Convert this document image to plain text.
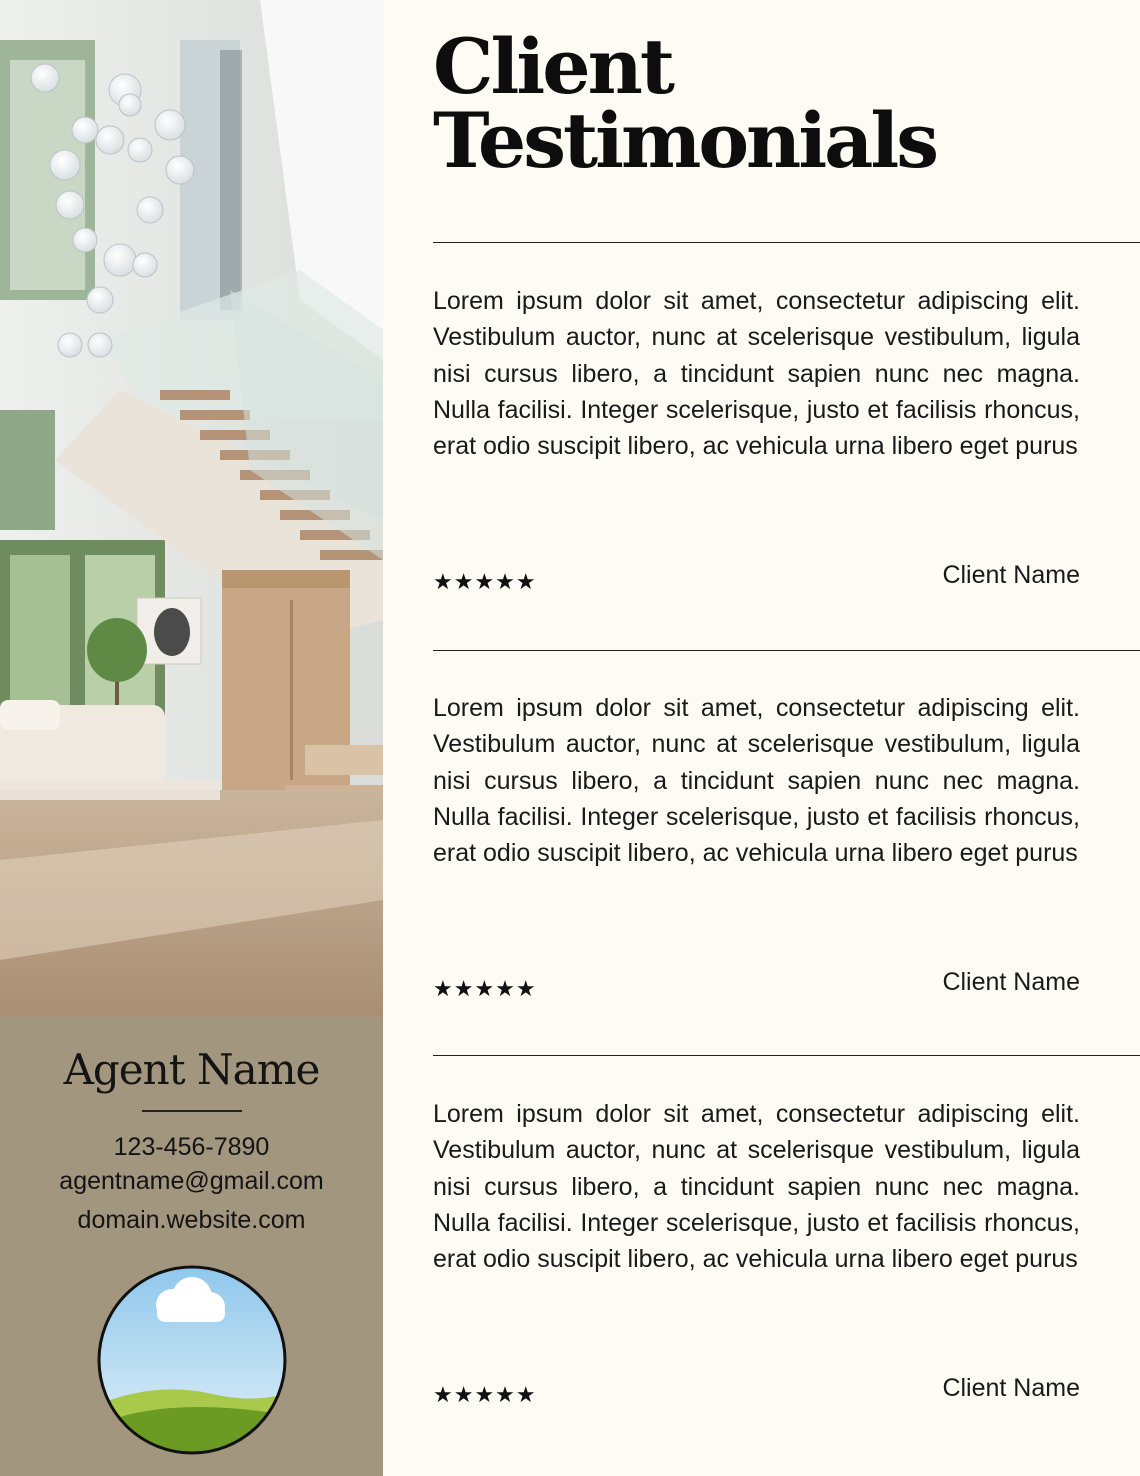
Agent Name
123-456-7890
agentname@gmail.com
domain.website.com
Client
Testimonials

Lorem ipsum dolor sit amet, consectetur adipiscing elit. Vestibulum auctor, nunc at scelerisque vestibulum, ligula nisi cursus libero, a tincidunt sapien nunc nec magna. Nulla facilisi. Integer scelerisque, justo et facilisis rhoncus, erat odio suscipit libero, ac vehicula urna libero eget purus

★★★★★	Client Name

Lorem ipsum dolor sit amet, consectetur adipiscing elit. Vestibulum auctor, nunc at scelerisque vestibulum, ligula nisi cursus libero, a tincidunt sapien nunc nec magna. Nulla facilisi. Integer scelerisque, justo et facilisis rhoncus, erat odio suscipit libero, ac vehicula urna libero eget purus

★★★★★	Client Name

Lorem ipsum dolor sit amet, consectetur adipiscing elit. Vestibulum auctor, nunc at scelerisque vestibulum, ligula nisi cursus libero, a tincidunt sapien nunc nec magna. Nulla facilisi. Integer scelerisque, justo et facilisis rhoncus, erat odio suscipit libero, ac vehicula urna libero eget purus

★★★★★	Client Name
